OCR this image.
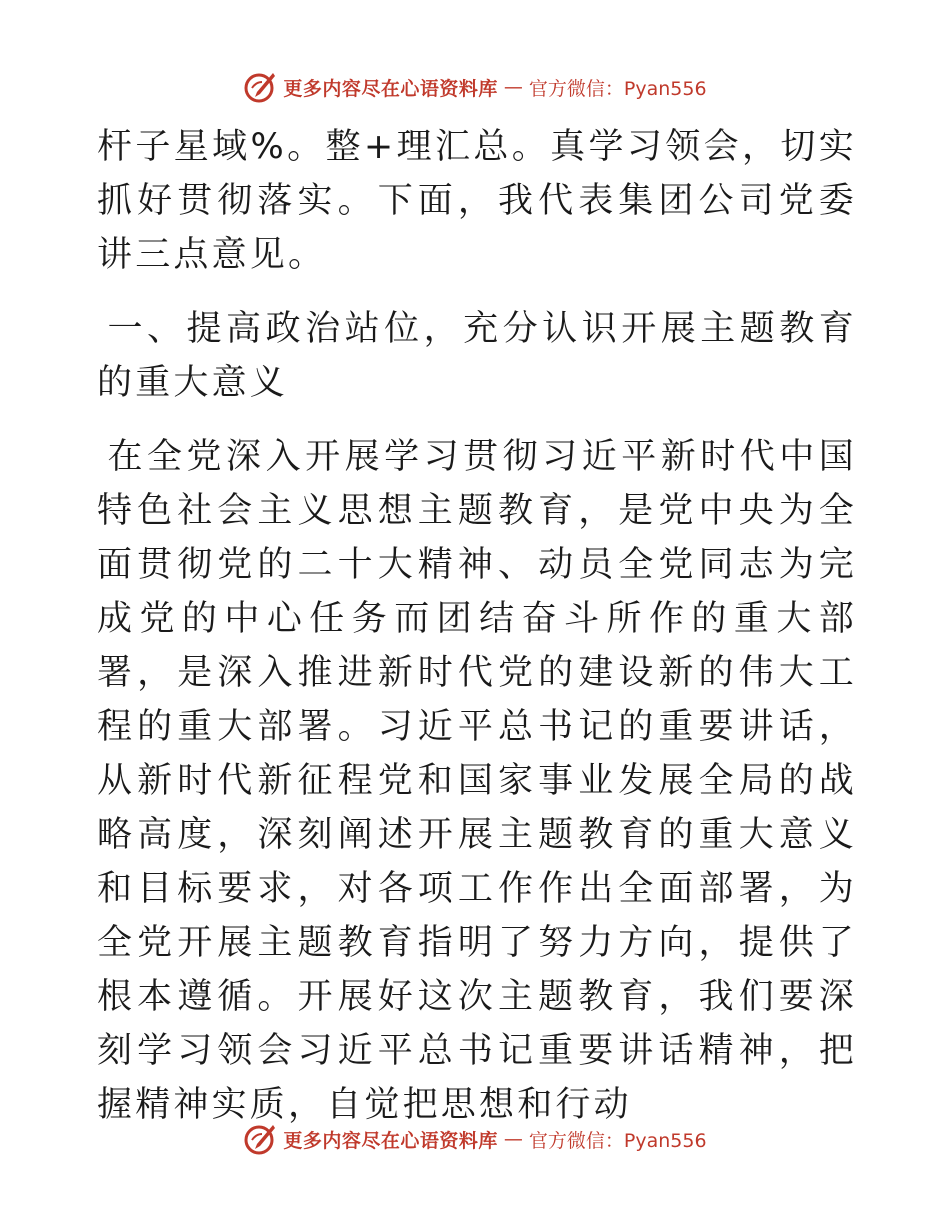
更多内容尽在心语资料库 — 官方微信：Pyan556

杆子星域%。整+理汇总。真学习领会，切实抓好贯彻落实。下面，我代表集团公司党委讲三点意见。

一、提高政治站位，充分认识开展主题教育的重大意义

在全党深入开展学习贯彻习近平新时代中国特色社会主义思想主题教育，是党中央为全面贯彻党的二十大精神、动员全党同志为完成党的中心任务而团结奋斗所作的重大部署，是深入推进新时代党的建设新的伟大工程的重大部署。习近平总书记的重要讲话，从新时代新征程党和国家事业发展全局的战略高度，深刻阐述开展主题教育的重大意义和目标要求，对各项工作作出全面部署，为全党开展主题教育指明了努力方向，提供了根本遵循。开展好这次主题教育，我们要深刻学习领会习近平总书记重要讲话精神，把握精神实质，自觉把思想和行动

更多内容尽在心语资料库 — 官方微信：Pyan556
